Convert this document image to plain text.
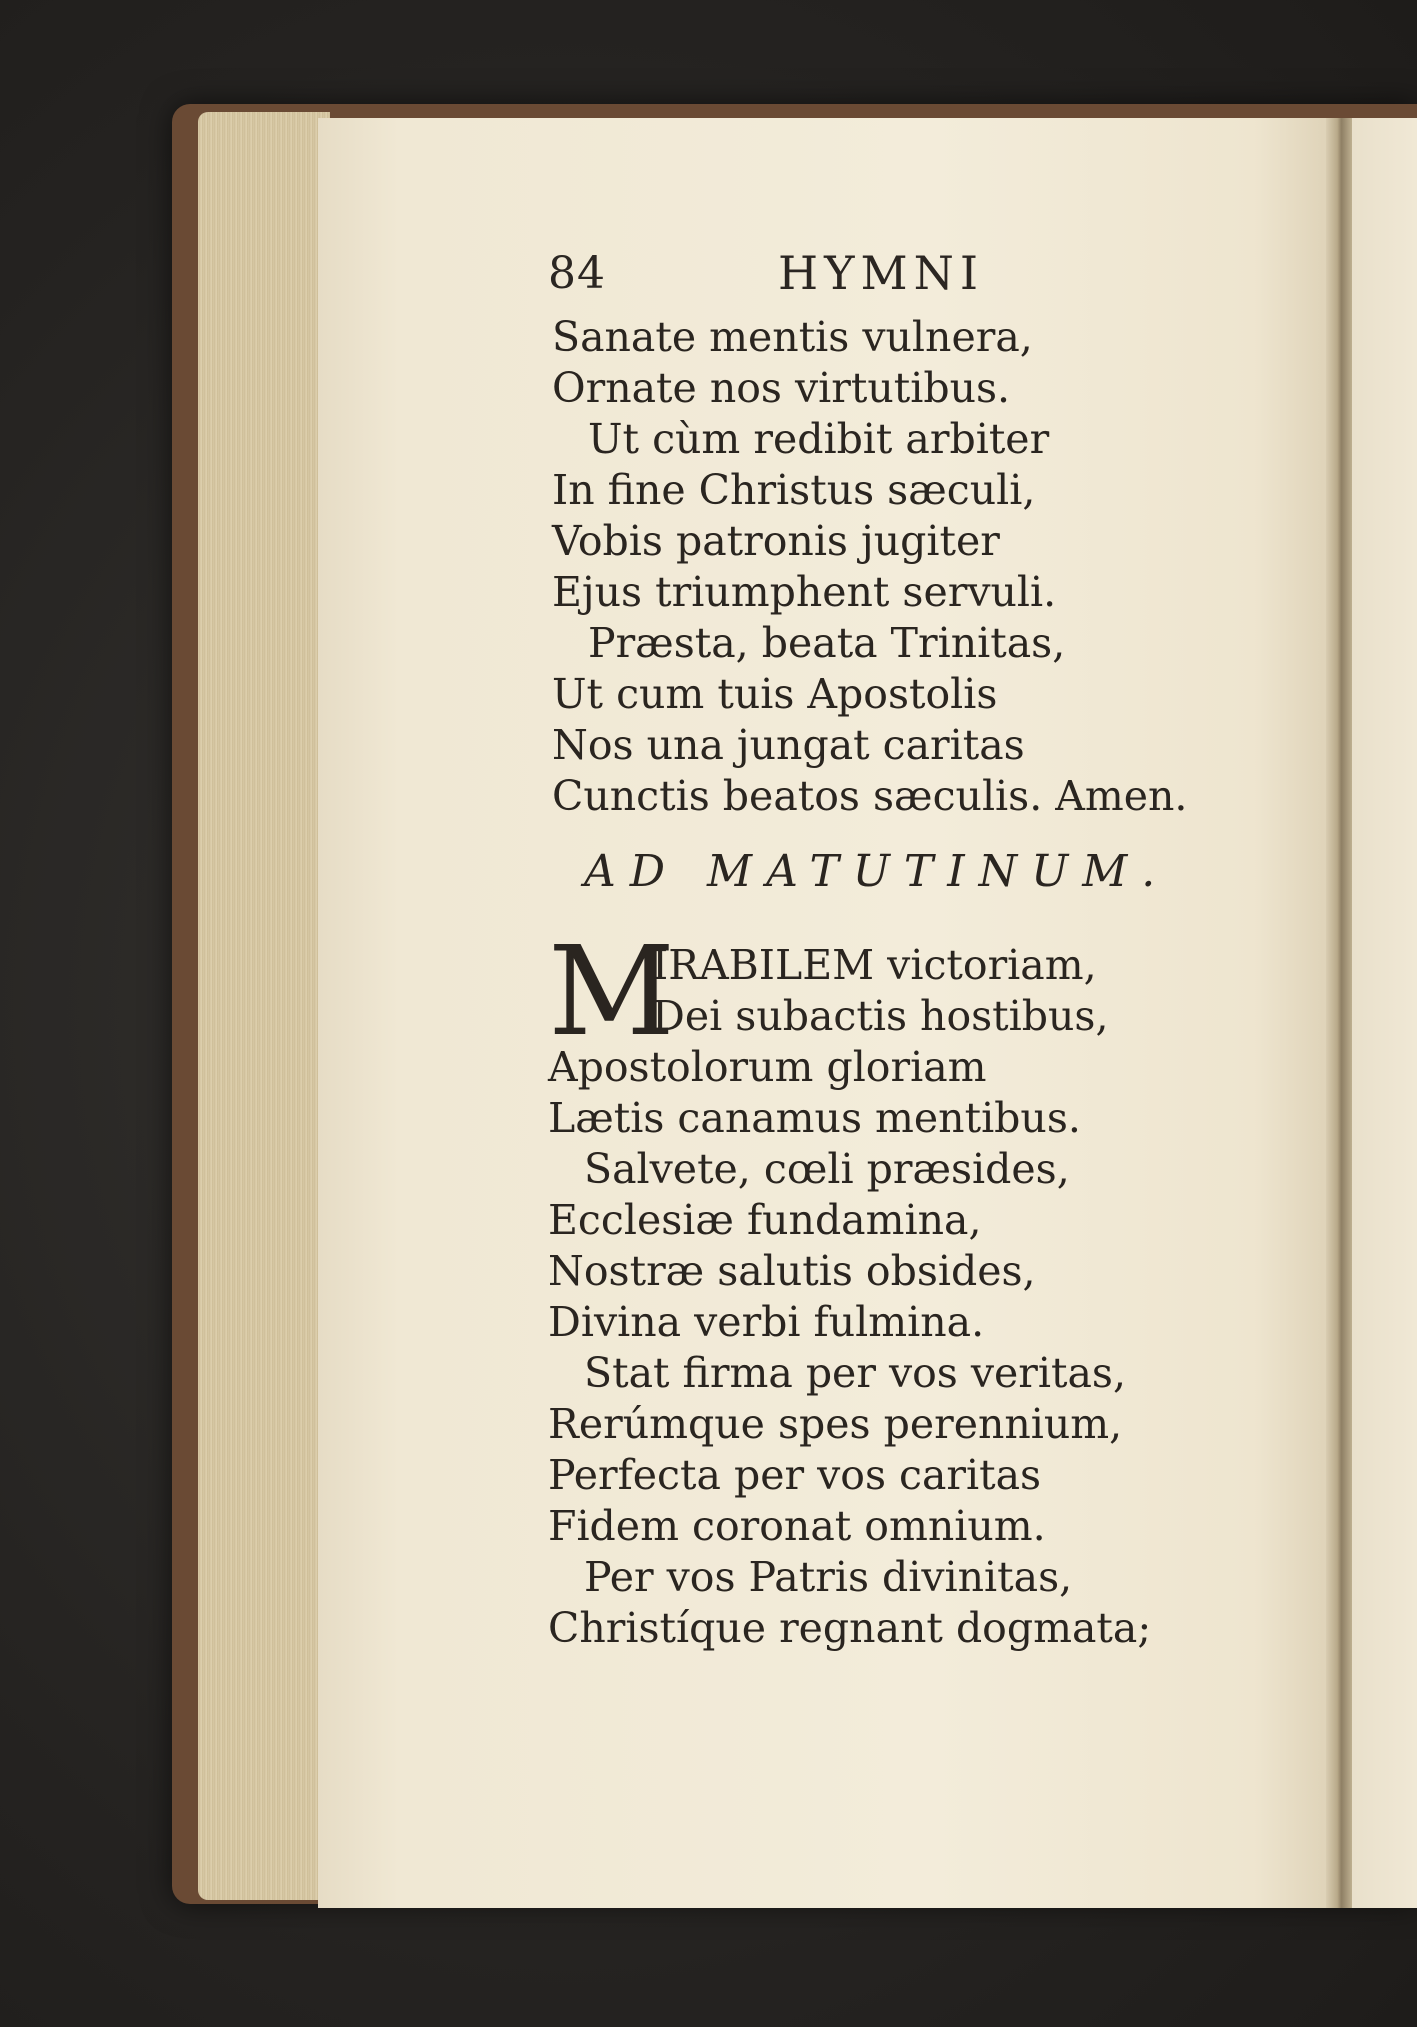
84	HYMNI
Sanate mentis vulnera,
Ornate nos virtutibus.
Ut cùm redibit arbiter
In fine Christus sæculi,
Vobis patronis jugiter
Ejus triumphent servuli.
Præsta, beata Trinitas,
Ut cum tuis Apostolis
Nos una jungat caritas
Cunctis beatos sæculis. Amen.
AD MATUTINUM.
M
IRABILEM victoriam,
Dei subactis hostibus,
Apostolorum gloriam
Lætis canamus mentibus.
Salvete, cœli præsides,
Ecclesiæ fundamina,
Nostræ salutis obsides,
Divina verbi fulmina.
Stat firma per vos veritas,
Rerúmque spes perennium,
Perfecta per vos caritas
Fidem coronat omnium.
Per vos Patris divinitas,
Christíque regnant dogmata;
